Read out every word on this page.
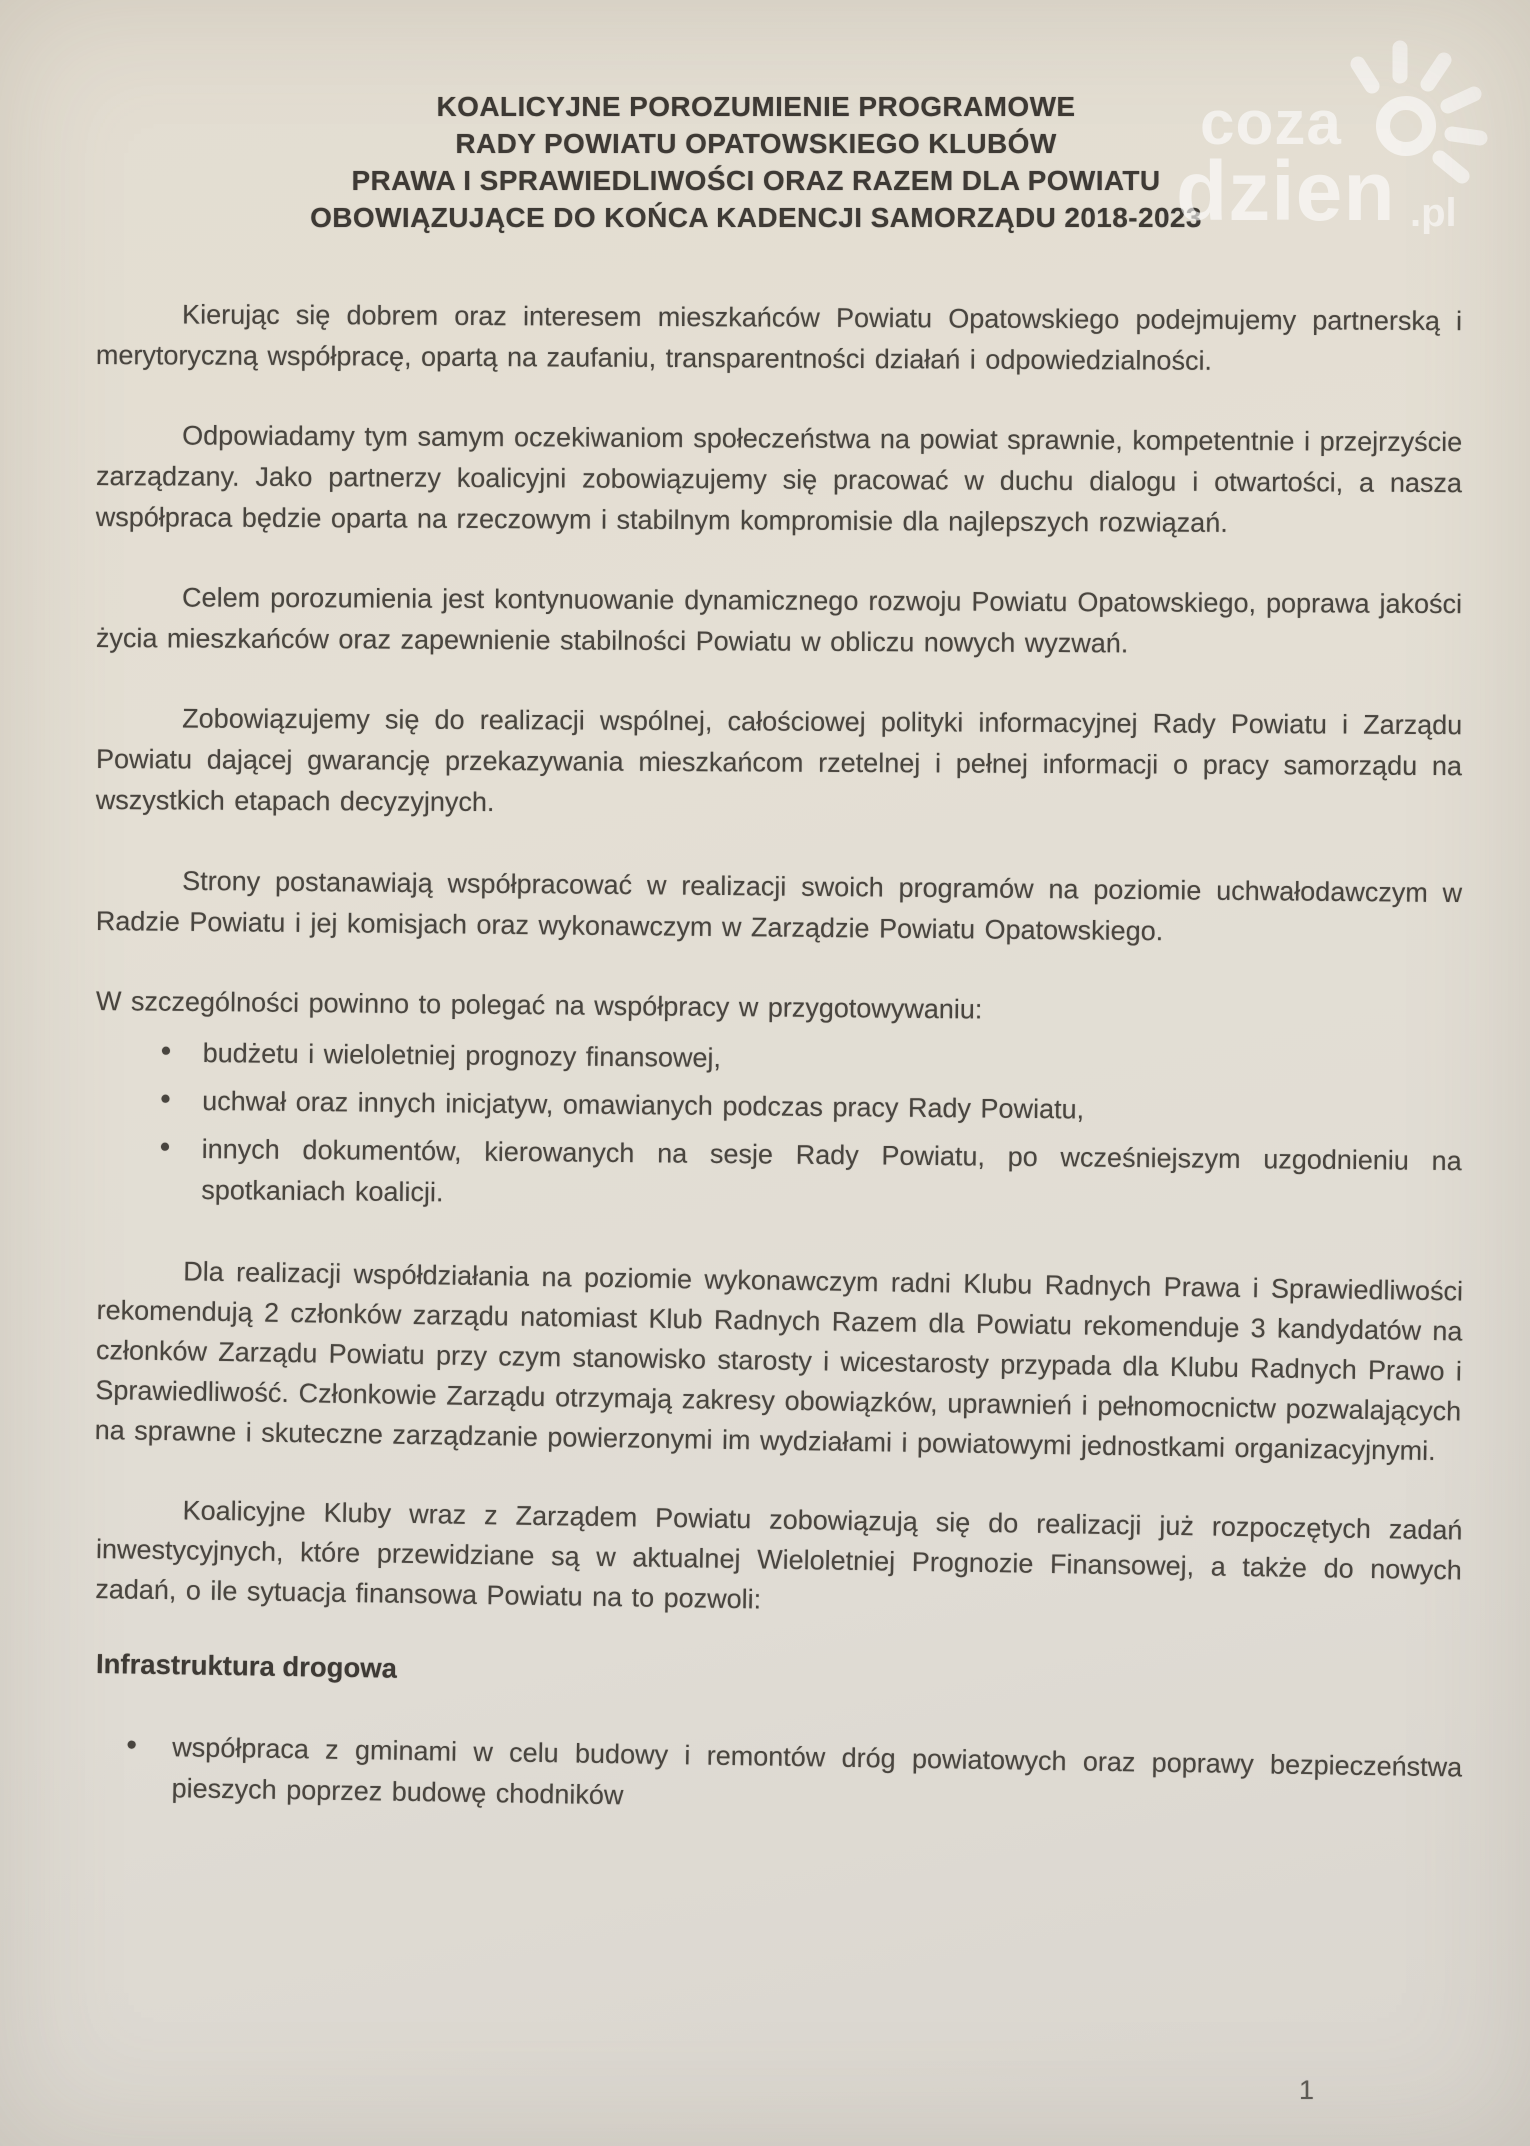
coza
dzien .pl
KOALICYJNE POROZUMIENIE PROGRAMOWE
RADY POWIATU OPATOWSKIEGO KLUBÓW
PRAWA I SPRAWIEDLIWOŚCI ORAZ RAZEM DLA POWIATU
OBOWIĄZUJĄCE DO KOŃCA KADENCJI SAMORZĄDU 2018-2023

Kierując się dobrem oraz interesem mieszkańców Powiatu Opatowskiego podejmujemy partnerską i merytoryczną współpracę, opartą na zaufaniu, transparentności działań i odpowiedzialności.

Odpowiadamy tym samym oczekiwaniom społeczeństwa na powiat sprawnie, kompetentnie i przejrzyście zarządzany. Jako partnerzy koalicyjni zobowiązujemy się pracować w duchu dialogu i otwartości, a nasza współpraca będzie oparta na rzeczowym i stabilnym kompromisie dla najlepszych rozwiązań.

Celem porozumienia jest kontynuowanie dynamicznego rozwoju Powiatu Opatowskiego, poprawa jakości życia mieszkańców oraz zapewnienie stabilności Powiatu w obliczu nowych wyzwań.

Zobowiązujemy się do realizacji wspólnej, całościowej polityki informacyjnej Rady Powiatu i Zarządu Powiatu dającej gwarancję przekazywania mieszkańcom rzetelnej i pełnej informacji o pracy samorządu na wszystkich etapach decyzyjnych.

Strony postanawiają współpracować w realizacji swoich programów na poziomie uchwałodawczym w Radzie Powiatu i jej komisjach oraz wykonawczym w Zarządzie Powiatu Opatowskiego.

W szczególności powinno to polegać na współpracy w przygotowywaniu:

• budżetu i wieloletniej prognozy finansowej,
• uchwał oraz innych inicjatyw, omawianych podczas pracy Rady Powiatu,
• innych dokumentów, kierowanych na sesje Rady Powiatu, po wcześniejszym uzgodnieniu na spotkaniach koalicji.

Dla realizacji współdziałania na poziomie wykonawczym radni Klubu Radnych Prawa i Sprawiedliwości rekomendują 2 członków zarządu natomiast Klub Radnych Razem dla Powiatu rekomenduje 3 kandydatów na członków Zarządu Powiatu przy czym stanowisko starosty i wicestarosty przypada dla Klubu Radnych Prawo i Sprawiedliwość. Członkowie Zarządu otrzymają zakresy obowiązków, uprawnień i pełnomocnictw pozwalających na sprawne i skuteczne zarządzanie powierzonymi im wydziałami i powiatowymi jednostkami organizacyjnymi.

Koalicyjne Kluby wraz z Zarządem Powiatu zobowiązują się do realizacji już rozpoczętych zadań inwestycyjnych, które przewidziane są w aktualnej Wieloletniej Prognozie Finansowej, a także do nowych zadań, o ile sytuacja finansowa Powiatu na to pozwoli:

Infrastruktura drogowa
• współpraca z gminami w celu budowy i remontów dróg powiatowych oraz poprawy bezpieczeństwa pieszych poprzez budowę chodników
1
